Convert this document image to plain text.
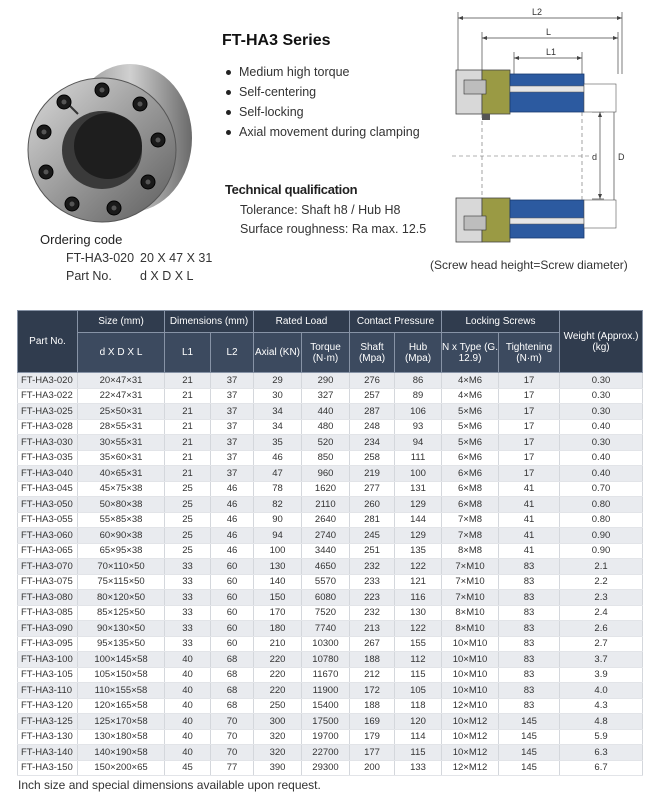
FT-HA3 Series
Medium high torque
Self-centering
Self-locking
Axial movement during clamping
Technical qualification
Tolerance: Shaft h8 / Hub H8
Surface roughness: Ra max. 12.5
Ordering code
FT-HA3-020 20 X 47 X 31
Part No.	d X D X L
L2
L
L1
d D
(Screw head height=Screw diameter)
Part No.	Size (mm)	Dimensions (mm)		Rated Load		Contact Pressure		Locking Screws		Weight (Approx.) (kg)
	d X D X L	L1	L2	Axial (KN)	Torque (N·m)	Shaft (Mpa)	Hub (Mpa)	N x Type (G. 12.9)	Tightening (N·m)	
FT-HA3-020	20×47×31	21	37	29	290	276	86	4×M6	17	0.30
FT-HA3-022	22×47×31	21	37	30	327	257	89	4×M6	17	0.30
FT-HA3-025	25×50×31	21	37	34	440	287	106	5×M6	17	0.30
FT-HA3-028	28×55×31	21	37	34	480	248	93	5×M6	17	0.40
FT-HA3-030	30×55×31	21	37	35	520	234	94	5×M6	17	0.30
FT-HA3-035	35×60×31	21	37	46	850	258	111	6×M6	17	0.40
FT-HA3-040	40×65×31	21	37	47	960	219	100	6×M6	17	0.40
FT-HA3-045	45×75×38	25	46	78	1620	277	131	6×M8	41	0.70
FT-HA3-050	50×80×38	25	46	82	2110	260	129	6×M8	41	0.80
FT-HA3-055	55×85×38	25	46	90	2640	281	144	7×M8	41	0.80
FT-HA3-060	60×90×38	25	46	94	2740	245	129	7×M8	41	0.90
FT-HA3-065	65×95×38	25	46	100	3440	251	135	8×M8	41	0.90
FT-HA3-070	70×110×50	33	60	130	4650	232	122	7×M10	83	2.1
FT-HA3-075	75×115×50	33	60	140	5570	233	121	7×M10	83	2.2
FT-HA3-080	80×120×50	33	60	150	6080	223	116	7×M10	83	2.3
FT-HA3-085	85×125×50	33	60	170	7520	232	130	8×M10	83	2.4
FT-HA3-090	90×130×50	33	60	180	7740	213	122	8×M10	83	2.6
FT-HA3-095	95×135×50	33	60	210	10300	267	155	10×M10	83	2.7
FT-HA3-100	100×145×58	40	68	220	10780	188	112	10×M10	83	3.7
FT-HA3-105	105×150×58	40	68	220	11670	212	115	10×M10	83	3.9
FT-HA3-110	110×155×58	40	68	220	11900	172	105	10×M10	83	4.0
FT-HA3-120	120×165×58	40	68	250	15400	188	118	12×M10	83	4.3
FT-HA3-125	125×170×58	40	70	300	17500	169	120	10×M12	145	4.8
FT-HA3-130	130×180×58	40	70	320	19700	179	114	10×M12	145	5.9
FT-HA3-140	140×190×58	40	70	320	22700	177	115	10×M12	145	6.3
FT-HA3-150	150×200×65	45	77	390	29300	200	133	12×M12	145	6.7
Inch size and special dimensions available upon request.
